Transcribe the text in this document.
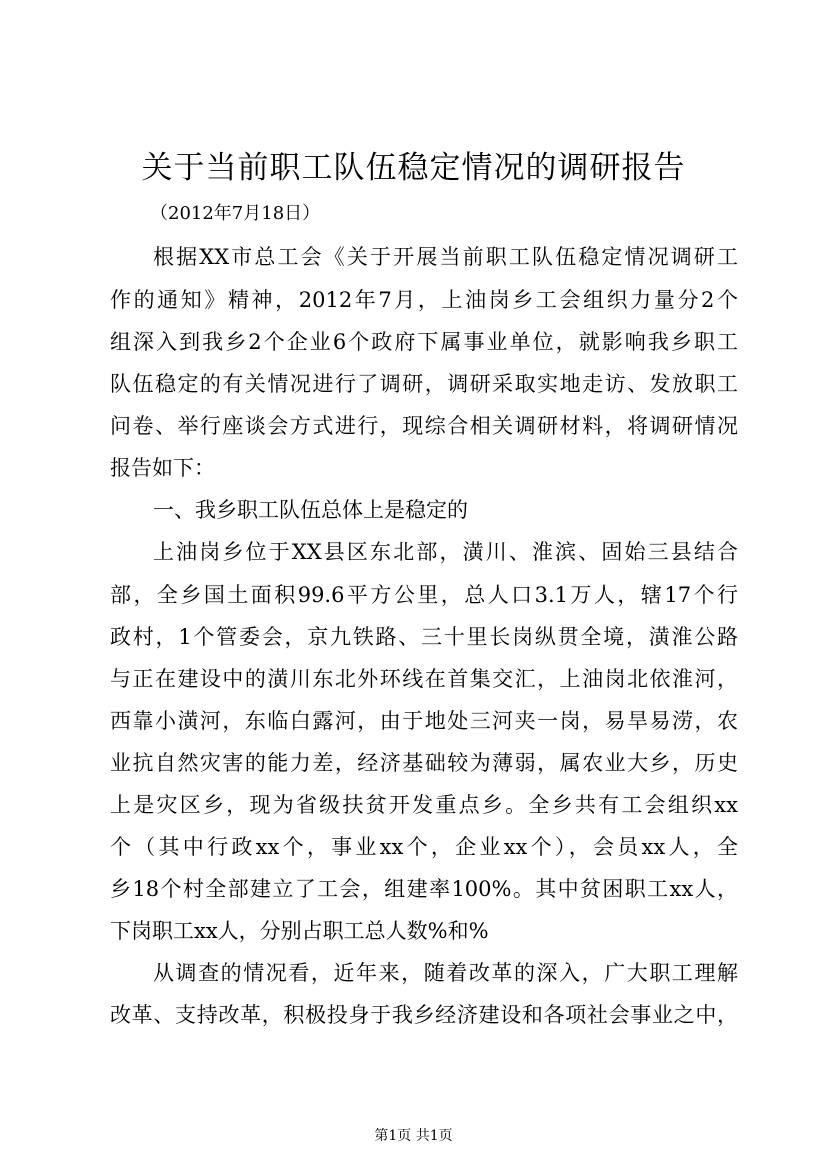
关于当前职工队伍稳定情况的调研报告
（2012年7月18日）
根据XX市总工会《关于开展当前职工队伍稳定情况调研工
作的通知》精神，2012年7月，上油岗乡工会组织力量分2个
组深入到我乡2个企业6个政府下属事业单位，就影响我乡职工
队伍稳定的有关情况进行了调研，调研采取实地走访、发放职工
问卷、举行座谈会方式进行，现综合相关调研材料，将调研情况
报告如下：
一、我乡职工队伍总体上是稳定的
上油岗乡位于XX县区东北部，潢川、淮滨、固始三县结合
部，全乡国土面积99.6平方公里，总人口3.1万人，辖17个行
政村，1个管委会，京九铁路、三十里长岗纵贯全境，潢淮公路
与正在建设中的潢川东北外环线在首集交汇，上油岗北依淮河，
西靠小潢河，东临白露河，由于地处三河夹一岗，易旱易涝，农
业抗自然灾害的能力差，经济基础较为薄弱，属农业大乡，历史
上是灾区乡，现为省级扶贫开发重点乡。全乡共有工会组织xx
个（其中行政xx个，事业xx个，企业xx个），会员xx人，全
乡18个村全部建立了工会，组建率100%。其中贫困职工xx人，
下岗职工xx人，分别占职工总人数%和%
从调查的情况看，近年来，随着改革的深入，广大职工理解
改革、支持改革，积极投身于我乡经济建设和各项社会事业之中，
第1页 共1页
